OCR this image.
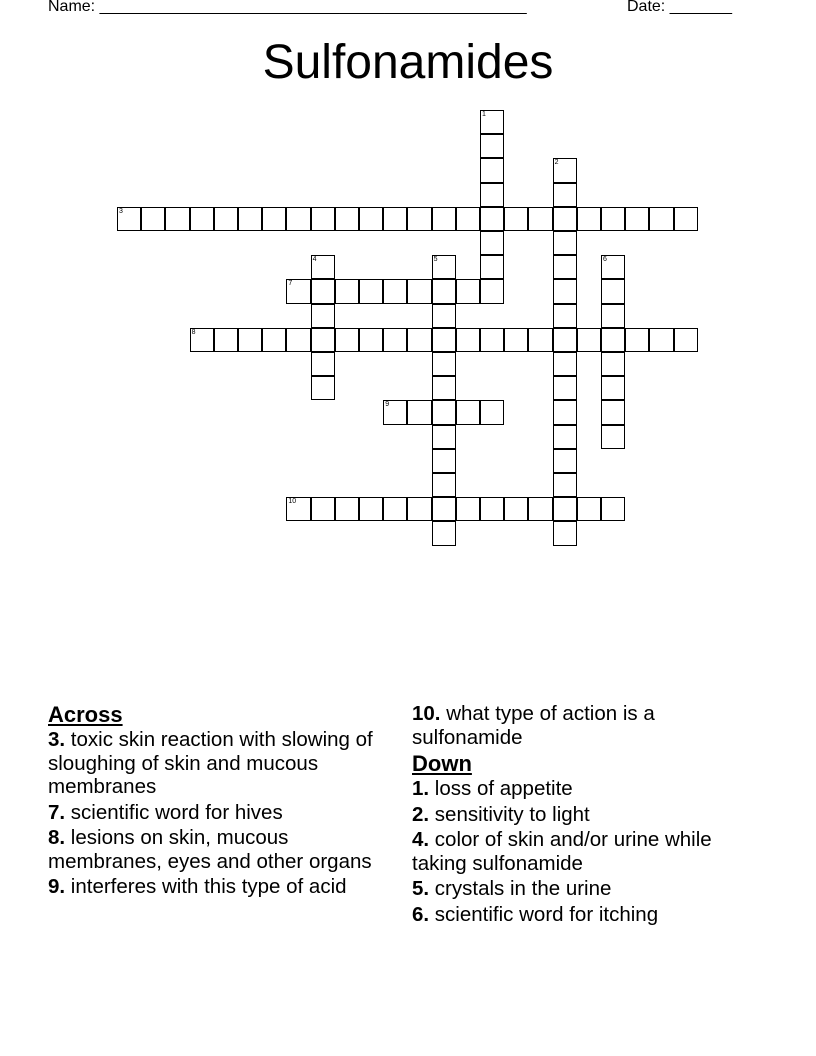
Name: ________________________________________________	Date: _______
Sulfonamides
1
2
3
4	5	6
7
8
9
10
Across
3. toxic skin reaction with slowing of sloughing of skin and mucous membranes
7. scientific word for hives
8. lesions on skin, mucous membranes, eyes and other organs
9. interferes with this type of acid
10. what type of action is a sulfonamide
Down
1. loss of appetite
2. sensitivity to light
4. color of skin and/or urine while taking sulfonamide
5. crystals in the urine
6. scientific word for itching
